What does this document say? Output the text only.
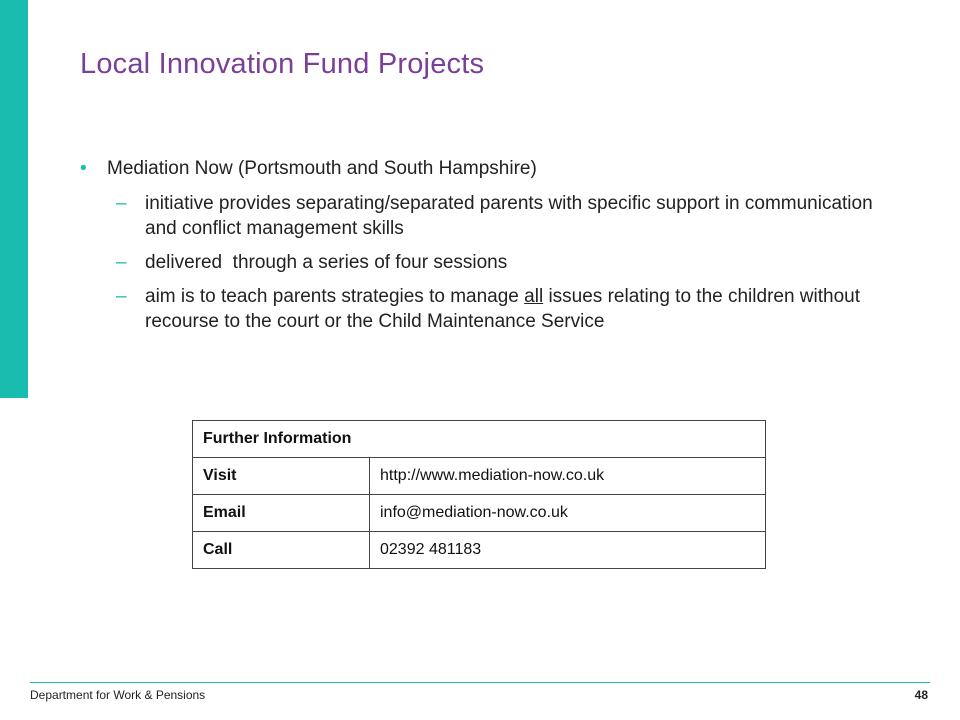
Local Innovation Fund Projects
•	Mediation Now (Portsmouth and South Hampshire)
– initiative provides separating/separated parents with specific support in communication and conflict management skills
– delivered  through a series of four sessions
– aim is to teach parents strategies to manage all issues relating to the children without recourse to the court or the Child Maintenance Service
Further Information	
Visit	http://www.mediation-now.co.uk
Email	info@mediation-now.co.uk
Call	02392 481183
Department for Work & Pensions	48
